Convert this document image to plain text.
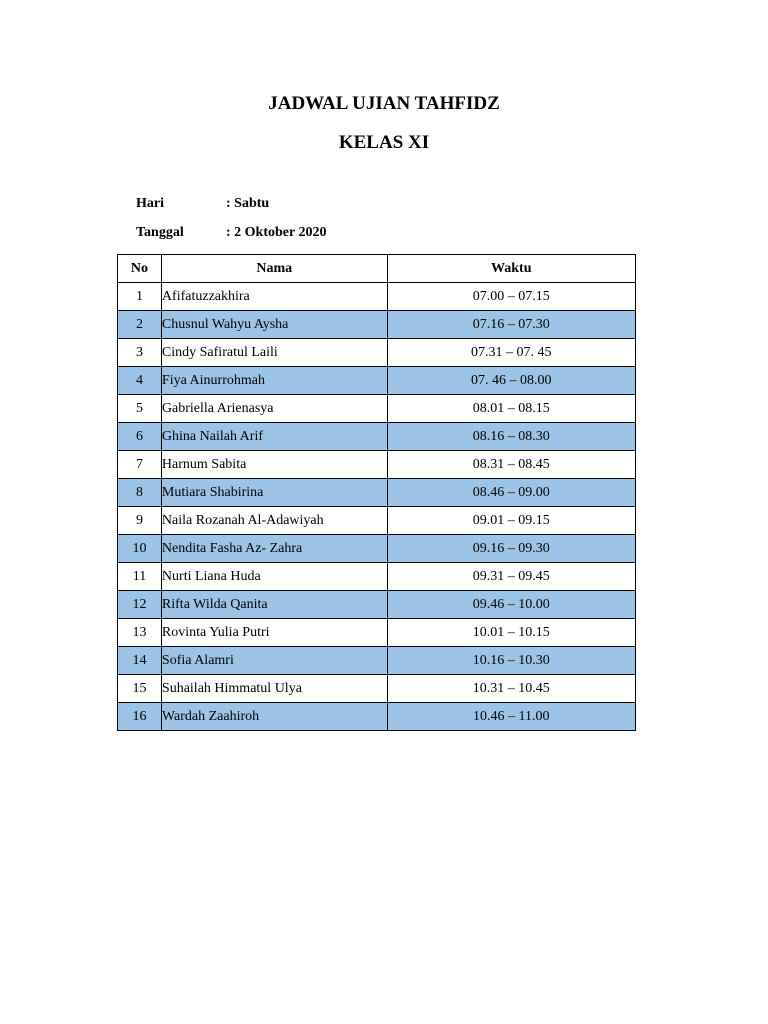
JADWAL UJIAN TAHFIDZ
KELAS XI
Hari	: Sabtu
Tanggal	: 2 Oktober 2020
No	Nama	Waktu
1	Afifatuzzakhira	07.00 – 07.15
2	Chusnul Wahyu Aysha	07.16 – 07.30
3	Cindy Safiratul Laili	07.31 – 07. 45
4	Fiya Ainurrohmah	07. 46 – 08.00
5	Gabriella Arienasya	08.01 – 08.15
6	Ghina Nailah Arif	08.16 – 08.30
7	Harnum Sabita	08.31 – 08.45
8	Mutiara Shabirina	08.46 – 09.00
9	Naila Rozanah Al-Adawiyah	09.01 – 09.15
10	Nendita Fasha Az- Zahra	09.16 – 09.30
11	Nurti Liana Huda	09.31 – 09.45
12	Rifta Wilda Qanita	09.46 – 10.00
13	Rovinta Yulia Putri	10.01 – 10.15
14	Sofia Alamri	10.16 – 10.30
15	Suhailah Himmatul Ulya	10.31 – 10.45
16	Wardah Zaahiroh	10.46 – 11.00
